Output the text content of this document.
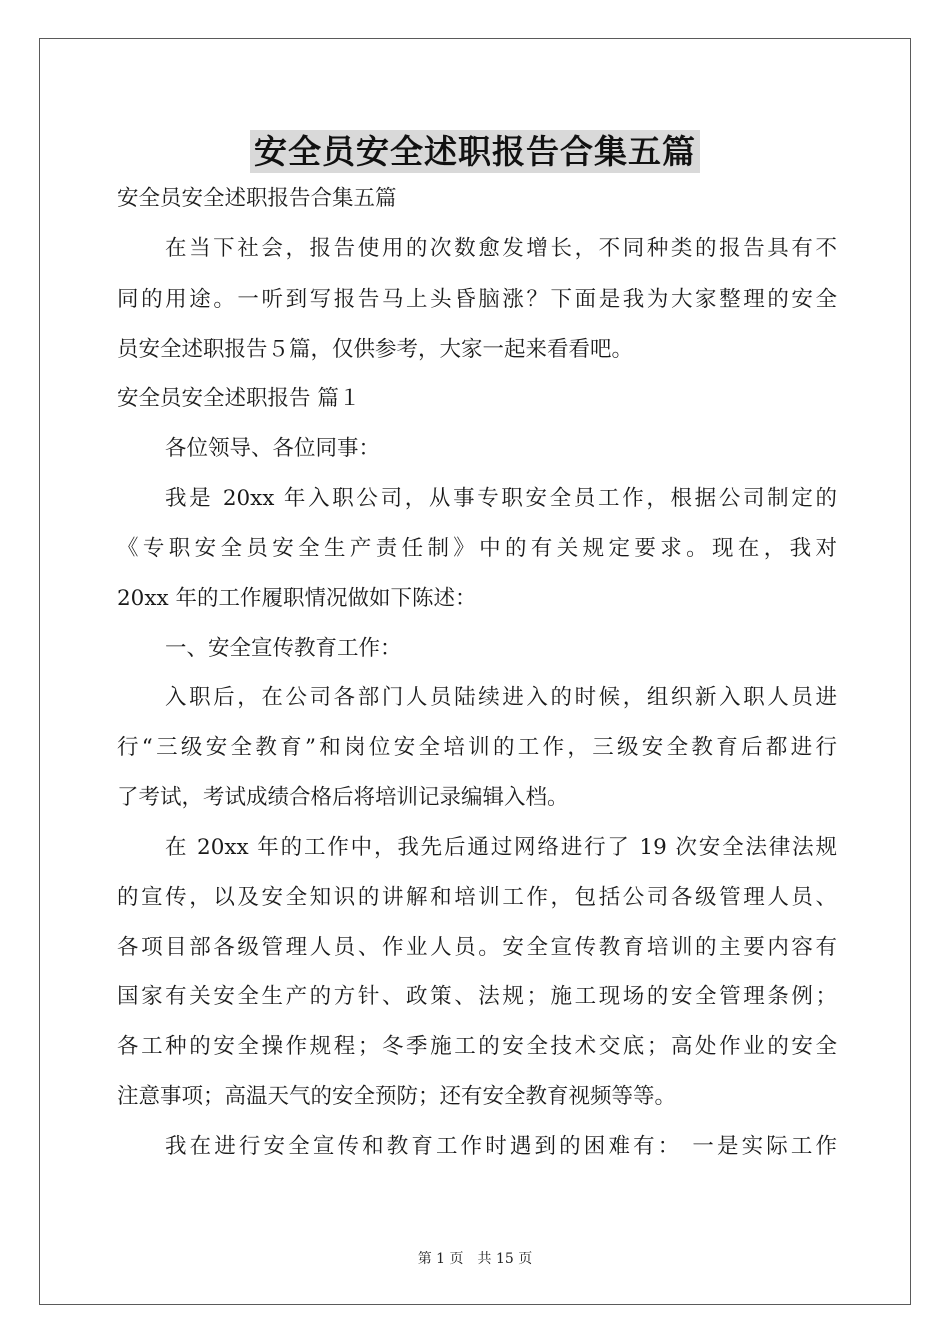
安全员安全述职报告合集五篇
安全员安全述职报告合集五篇
在当下社会，报告使用的次数愈发增长，不同种类的报告具有不
同的用途。一听到写报告马上头昏脑涨？下面是我为大家整理的安全
员安全述职报告５篇，仅供参考，大家一起来看看吧。
安全员安全述职报告 篇１
各位领导、各位同事：
我是 20xx 年入职公司，从事专职安全员工作，根据公司制定的
《专职安全员安全生产责任制》中的有关规定要求。现在，我对
20xx 年的工作履职情况做如下陈述：
一、安全宣传教育工作：
入职后，在公司各部门人员陆续进入的时候，组织新入职人员进
行“三级安全教育”和岗位安全培训的工作，三级安全教育后都进行
了考试，考试成绩合格后将培训记录编辑入档。
在 20xx 年的工作中，我先后通过网络进行了 19 次安全法律法规
的宣传，以及安全知识的讲解和培训工作，包括公司各级管理人员、
各项目部各级管理人员、作业人员。安全宣传教育培训的主要内容有
国家有关安全生产的方针、政策、法规；施工现场的安全管理条例；
各工种的安全操作规程；冬季施工的安全技术交底；高处作业的安全
注意事项；高温天气的安全预防；还有安全教育视频等等。
我在进行安全宣传和教育工作时遇到的困难有： 一是实际工作
第 1 页　共 15 页
